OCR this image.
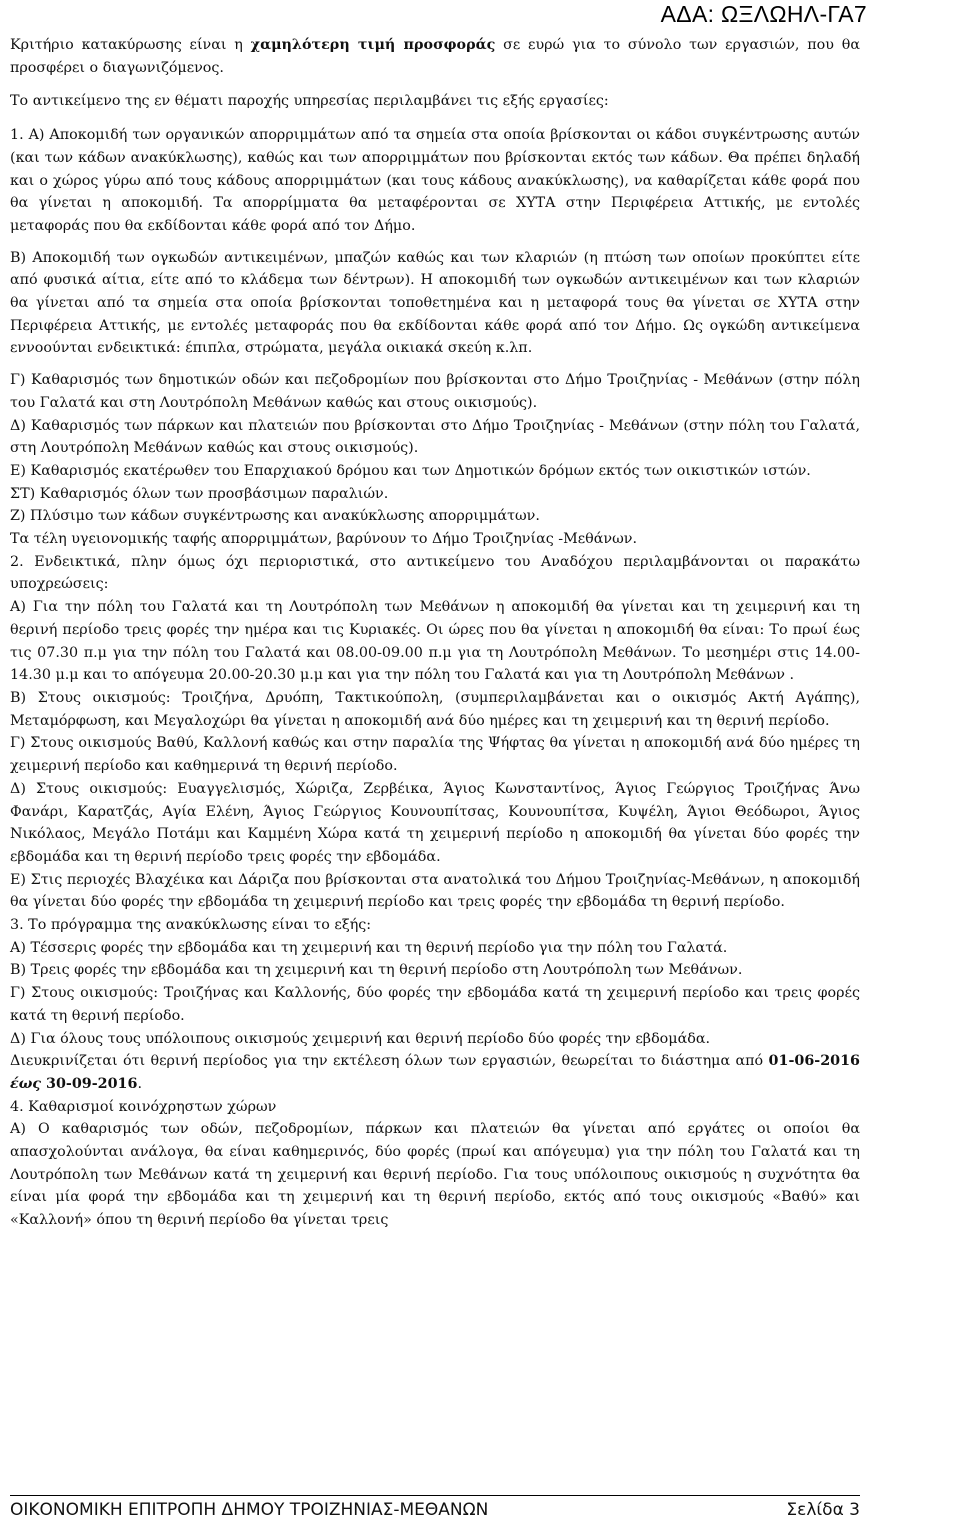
ΑΔΑ: ΩΞΛΩΗΛ-ΓΑ7

Κριτήριο κατακύρωσης είναι η χαμηλότερη τιμή προσφοράς σε ευρώ για το σύνολο των εργασιών, που θα προσφέρει ο διαγωνιζόμενος.

Το αντικείμενο της εν θέματι παροχής υπηρεσίας περιλαμβάνει τις εξής εργασίες:

1. Α) Αποκομιδή των οργανικών απορριμμάτων από τα σημεία στα οποία βρίσκονται οι κάδοι συγκέντρωσης αυτών (και των κάδων ανακύκλωσης), καθώς και των απορριμμάτων που βρίσκονται εκτός των κάδων. Θα πρέπει δηλαδή και ο χώρος γύρω από τους κάδους απορριμμάτων (και τους κάδους ανακύκλωσης), να καθαρίζεται κάθε φορά που θα γίνεται η αποκομιδή. Τα απορρίμματα θα μεταφέρονται σε ΧΥΤΑ στην Περιφέρεια Αττικής, με εντολές μεταφοράς που θα εκδίδονται κάθε φορά από τον Δήμο.

Β) Αποκομιδή των ογκωδών αντικειμένων, μπαζών καθώς και των κλαριών (η πτώση των οποίων προκύπτει είτε από φυσικά αίτια, είτε από το κλάδεμα των δέντρων). Η αποκομιδή των ογκωδών αντικειμένων και των κλαριών θα γίνεται από τα σημεία στα οποία βρίσκονται τοποθετημένα και η μεταφορά τους θα γίνεται σε ΧΥΤΑ στην Περιφέρεια Αττικής, με εντολές μεταφοράς που θα εκδίδονται κάθε φορά από τον Δήμο. Ως ογκώδη αντικείμενα εννοούνται ενδεικτικά: έπιπλα, στρώματα, μεγάλα οικιακά σκεύη κ.λπ.

Γ) Καθαρισμός των δημοτικών οδών και πεζοδρομίων που βρίσκονται στο Δήμο Τροιζηνίας - Μεθάνων (στην πόλη του Γαλατά και στη Λουτρόπολη Μεθάνων καθώς και στους οικισμούς).

Δ) Καθαρισμός των πάρκων και πλατειών που βρίσκονται στο Δήμο Τροιζηνίας - Μεθάνων (στην πόλη του Γαλατά, στη Λουτρόπολη Μεθάνων καθώς και στους οικισμούς).

Ε) Καθαρισμός εκατέρωθεν του Επαρχιακού δρόμου και των Δημοτικών δρόμων εκτός των οικιστικών ιστών.

ΣΤ) Καθαρισμός όλων των προσβάσιμων παραλιών.

Ζ) Πλύσιμο των κάδων συγκέντρωσης και ανακύκλωσης απορριμμάτων.

Τα τέλη υγειονομικής ταφής απορριμμάτων, βαρύνουν το Δήμο Τροιζηνίας -Μεθάνων.

2. Ενδεικτικά, πλην όμως όχι περιοριστικά, στο αντικείμενο του Αναδόχου περιλαμβάνονται οι παρακάτω υποχρεώσεις:

Α) Για την πόλη του Γαλατά και τη Λουτρόπολη των Μεθάνων η αποκομιδή θα γίνεται και τη χειμερινή και τη θερινή περίοδο τρεις φορές την ημέρα και τις Κυριακές. Οι ώρες που θα γίνεται η αποκομιδή θα είναι: Το πρωί έως τις 07.30 π.μ για την πόλη του Γαλατά και 08.00-09.00 π.μ για τη Λουτρόπολη Μεθάνων. Το μεσημέρι στις 14.00-14.30 μ.μ και το απόγευμα 20.00-20.30 μ.μ και για την πόλη του Γαλατά και για τη Λουτρόπολη Μεθάνων .

Β) Στους οικισμούς: Τροιζήνα, Δρυόπη, Τακτικούπολη, (συμπεριλαμβάνεται και ο οικισμός Ακτή Αγάπης), Μεταμόρφωση, και Μεγαλοχώρι θα γίνεται η αποκομιδή ανά δύο ημέρες και τη χειμερινή και τη θερινή περίοδο.

Γ) Στους οικισμούς Βαθύ, Καλλονή καθώς και στην παραλία της Ψήφτας θα γίνεται η αποκομιδή ανά δύο ημέρες τη χειμερινή περίοδο και καθημερινά τη θερινή περίοδο.

Δ) Στους οικισμούς: Ευαγγελισμός, Χώριζα, Ζερβέικα, Άγιος Κωνσταντίνος, Άγιος Γεώργιος Τροιζήνας Άνω Φανάρι, Καρατζάς, Αγία Ελένη, Άγιος Γεώργιος Κουνουπίτσας, Κουνουπίτσα, Κυψέλη, Άγιοι Θεόδωροι, Άγιος Νικόλαος, Μεγάλο Ποτάμι και Καμμένη Χώρα κατά τη χειμερινή περίοδο η αποκομιδή θα γίνεται δύο φορές την εβδομάδα και τη θερινή περίοδο τρεις φορές την εβδομάδα.

Ε) Στις περιοχές Βλαχέικα και Δάριζα που βρίσκονται στα ανατολικά του Δήμου Τροιζηνίας-Μεθάνων, η αποκομιδή θα γίνεται δύο φορές την εβδομάδα τη χειμερινή περίοδο και τρεις φορές την εβδομάδα τη θερινή περίοδο.

3. Το πρόγραμμα της ανακύκλωσης είναι το εξής:

Α) Τέσσερις φορές την εβδομάδα και τη χειμερινή και τη θερινή περίοδο για την πόλη του Γαλατά.

Β) Τρεις φορές την εβδομάδα και τη χειμερινή και τη θερινή περίοδο στη Λουτρόπολη των Μεθάνων.

Γ) Στους οικισμούς: Τροιζήνας και Καλλονής, δύο φορές την εβδομάδα κατά τη χειμερινή περίοδο και τρεις φορές κατά τη θερινή περίοδο.

Δ) Για όλους τους υπόλοιπους οικισμούς χειμερινή και θερινή περίοδο δύο φορές την εβδομάδα.

Διευκρινίζεται ότι θερινή περίοδος για την εκτέλεση όλων των εργασιών, θεωρείται το διάστημα από 01-06-2016 έως 30-09-2016.

4. Καθαρισμοί κοινόχρηστων χώρων

Α) Ο καθαρισμός των οδών, πεζοδρομίων, πάρκων και πλατειών θα γίνεται από εργάτες οι οποίοι θα απασχολούνται ανάλογα, θα είναι καθημερινός, δύο φορές (πρωί και απόγευμα) για την πόλη του Γαλατά και τη Λουτρόπολη των Μεθάνων κατά τη χειμερινή και θερινή περίοδο. Για τους υπόλοιπους οικισμούς η συχνότητα θα είναι μία φορά την εβδομάδα και τη χειμερινή και τη θερινή περίοδο, εκτός από τους οικισμούς «Βαθύ» και «Καλλονή» όπου τη θερινή περίοδο θα γίνεται τρεις

ΟΙΚΟΝΟΜΙΚΗ ΕΠΙΤΡΟΠΗ ΔΗΜΟΥ ΤΡΟΙΖΗΝΙΑΣ-ΜΕΘΑΝΩΝ	Σελίδα 3
